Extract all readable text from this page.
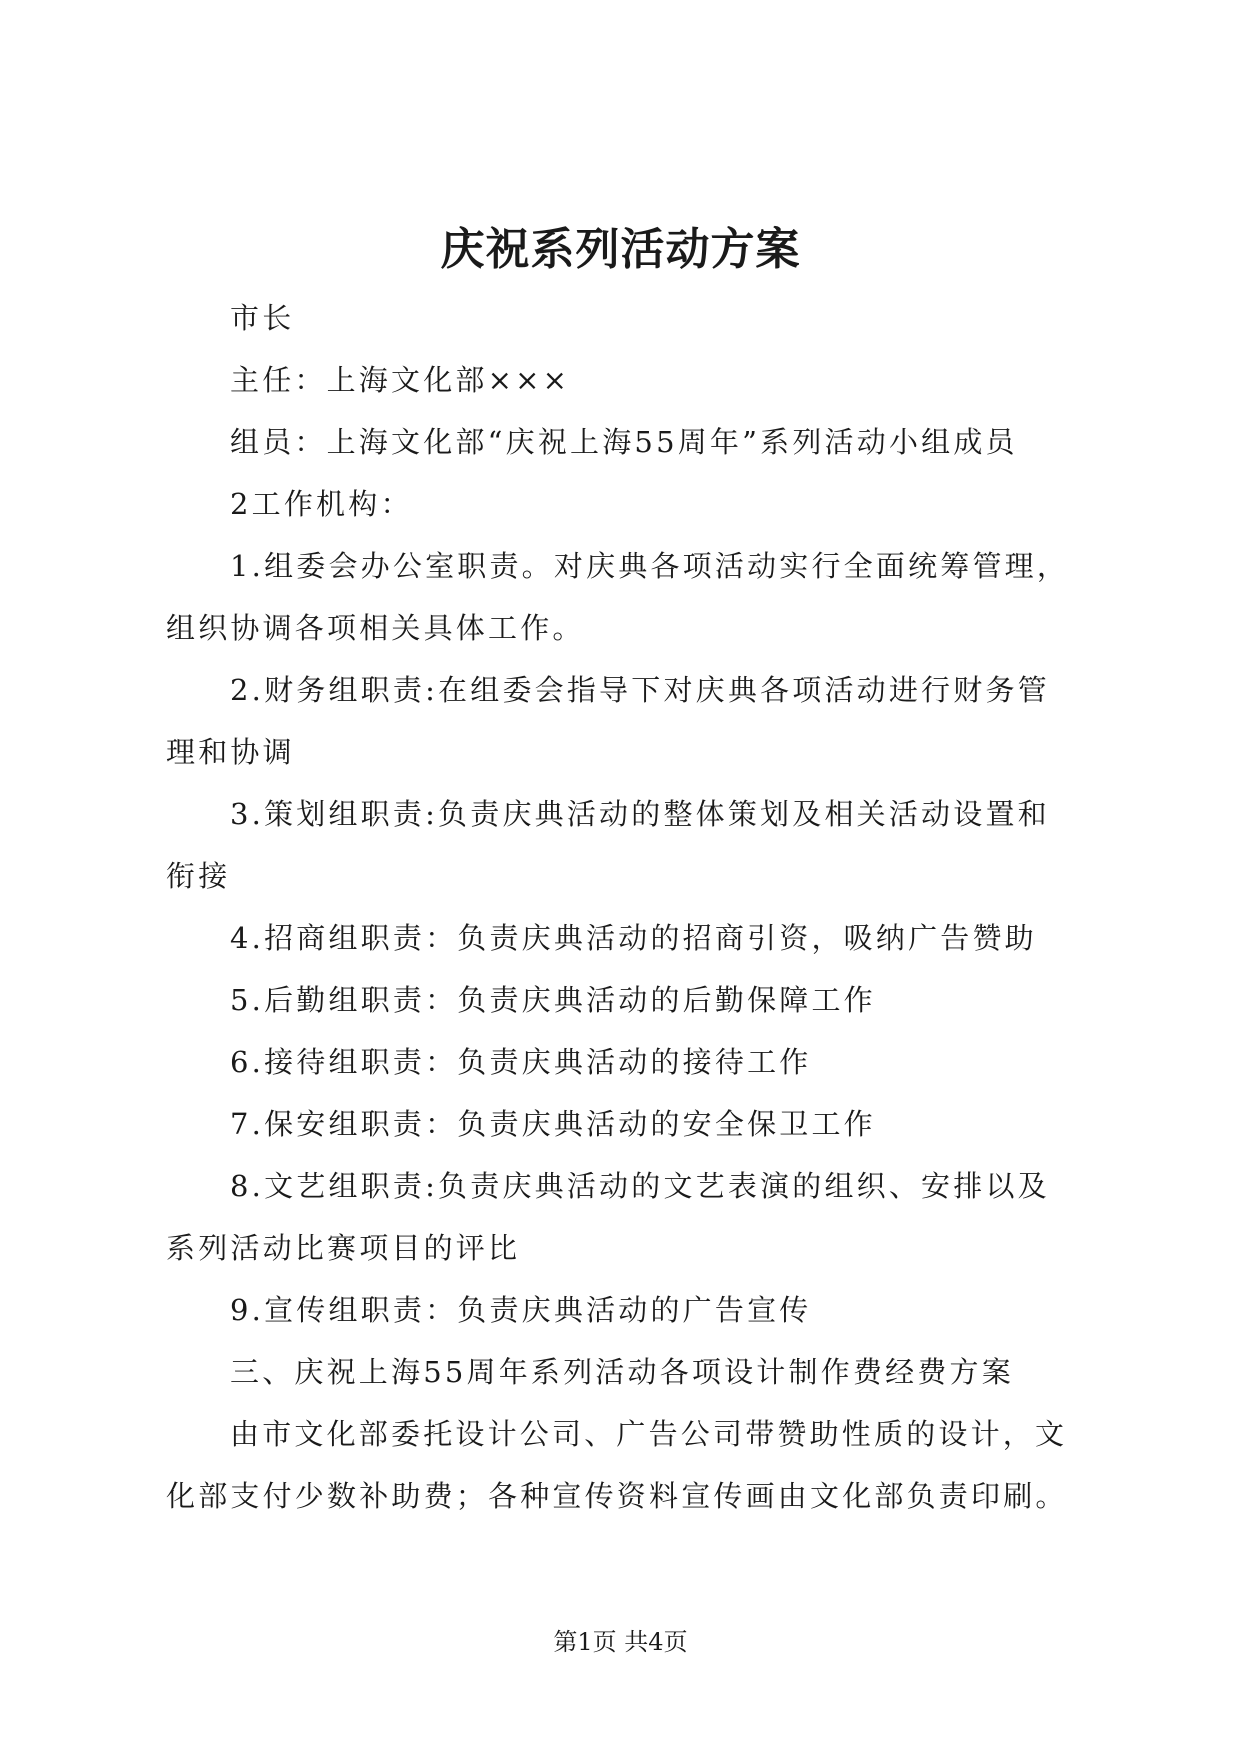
庆祝系列活动方案
市长
主任：上海文化部×××
组员：上海文化部“庆祝上海55周年”系列活动小组成员
2工作机构：
1.组委会办公室职责。对庆典各项活动实行全面统筹管理，
组织协调各项相关具体工作。
2.财务组职责:在组委会指导下对庆典各项活动进行财务管
理和协调
3.策划组职责:负责庆典活动的整体策划及相关活动设置和
衔接
4.招商组职责：负责庆典活动的招商引资，吸纳广告赞助
5.后勤组职责：负责庆典活动的后勤保障工作
6.接待组职责：负责庆典活动的接待工作
7.保安组职责：负责庆典活动的安全保卫工作
8.文艺组职责:负责庆典活动的文艺表演的组织、安排以及
系列活动比赛项目的评比
9.宣传组职责：负责庆典活动的广告宣传
三、庆祝上海55周年系列活动各项设计制作费经费方案
由市文化部委托设计公司、广告公司带赞助性质的设计，文
化部支付少数补助费；各种宣传资料宣传画由文化部负责印刷。
第1页 共4页
